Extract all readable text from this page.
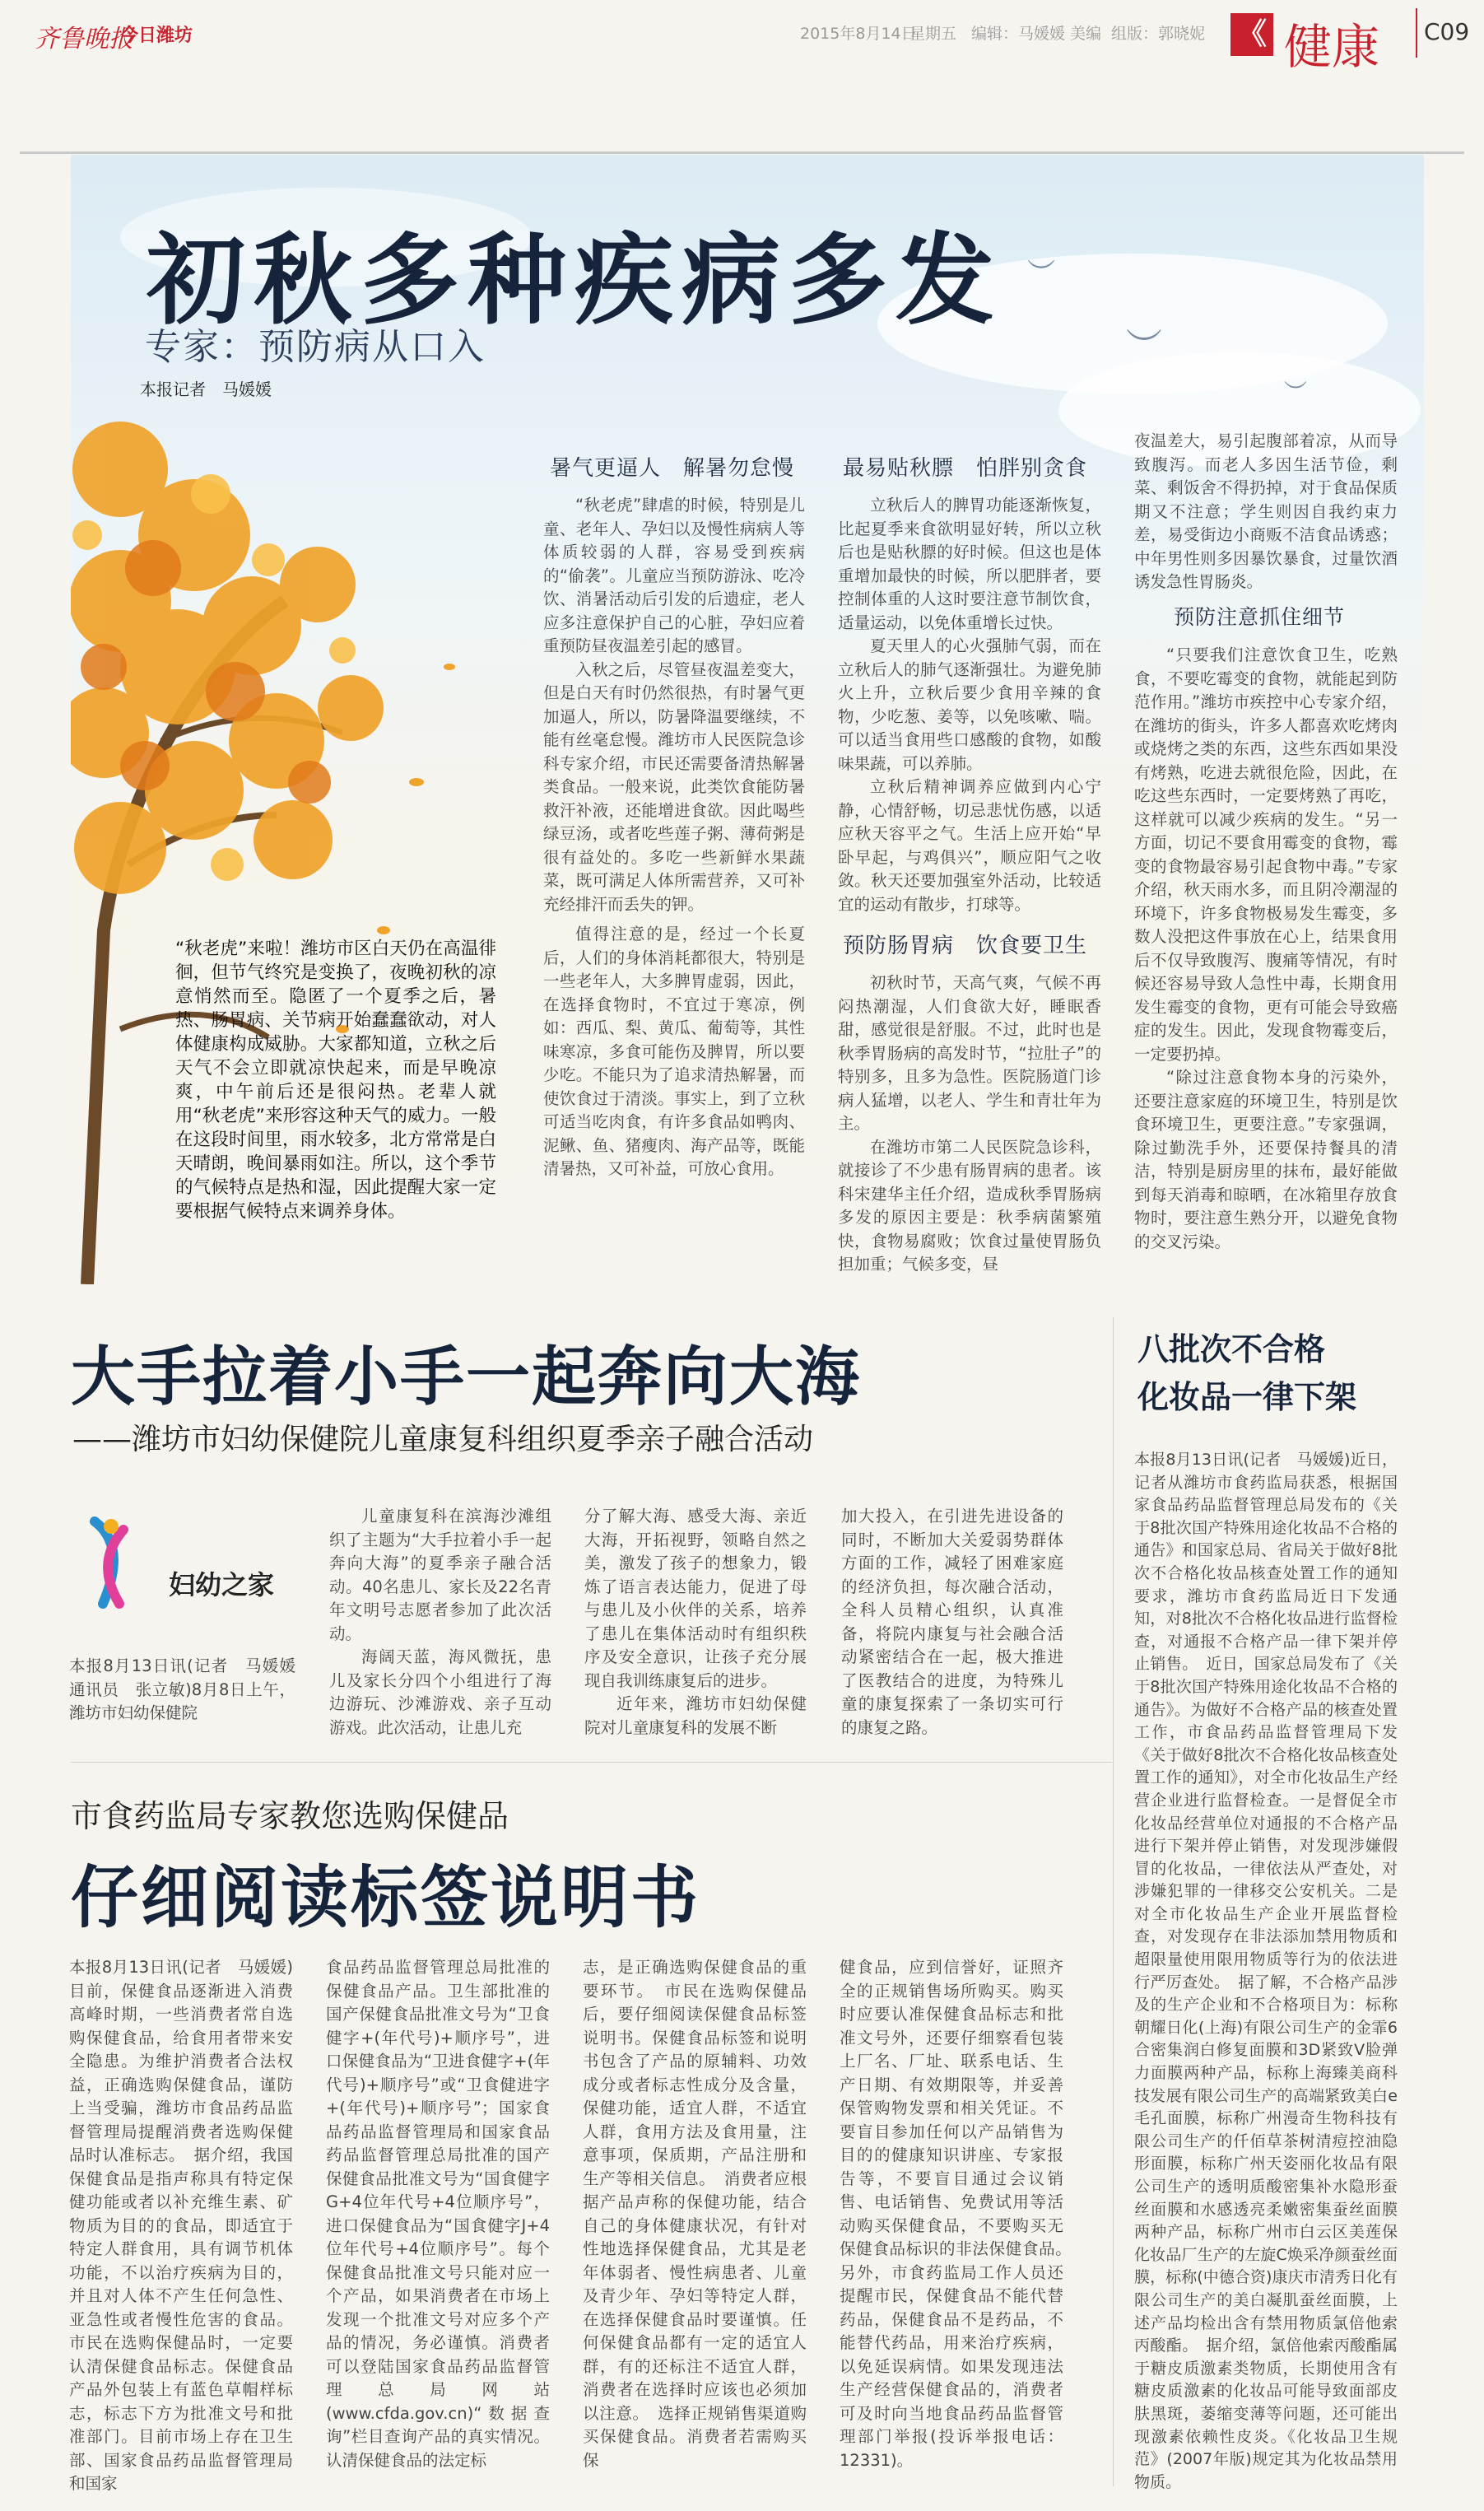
齐鲁晚报
今日潍坊	2015年8月14日
星期五 编辑：马媛媛 美编 组版：郭晓妮 《 健康 C09
︶
︶
︶
初秋多种疾病多发
专家：预防病从口入
本报记者　马媛媛
“秋老虎”来啦！潍坊市区白天仍在高温徘徊，但节气终究是变换了，夜晚初秋的凉意悄然而至。隐匿了一个夏季之后，暑热、肠胃病、关节病开始蠢蠢欲动，对人体健康构成威胁。大家都知道，立秋之后天气不会立即就凉快起来，而是早晚凉爽，中午前后还是很闷热。老辈人就用“秋老虎”来形容这种天气的威力。一般在这段时间里，雨水较多，北方常常是白天晴朗，晚间暴雨如注。所以，这个季节的气候特点是热和湿，因此提醒大家一定要根据气候特点来调养身体。
暑气更逼人　解暑勿怠慢

“秋老虎”肆虐的时候，特别是儿童、老年人、孕妇以及慢性病病人等体质较弱的人群，容易受到疾病的“偷袭”。儿童应当预防游泳、吃冷饮、消暑活动后引发的后遗症，老人应多注意保护自己的心脏，孕妇应着重预防昼夜温差引起的感冒。

入秋之后，尽管昼夜温差变大，但是白天有时仍然很热，有时暑气更加逼人，所以，防暑降温要继续，不能有丝毫怠慢。潍坊市人民医院急诊科专家介绍，市民还需要备清热解暑类食品。一般来说，此类饮食能防暑救汗补液，还能增进食欲。因此喝些绿豆汤，或者吃些莲子粥、薄荷粥是很有益处的。多吃一些新鲜水果蔬菜，既可满足人体所需营养，又可补充经排汗而丢失的钾。

值得注意的是，经过一个长夏后，人们的身体消耗都很大，特别是一些老年人，大多脾胃虚弱，因此，在选择食物时，不宜过于寒凉，例如：西瓜、梨、黄瓜、葡萄等，其性味寒凉，多食可能伤及脾胃，所以要少吃。不能只为了追求清热解暑，而使饮食过于清淡。事实上，到了立秋可适当吃肉食，有许多食品如鸭肉、泥鳅、鱼、猪瘦肉、海产品等，既能清暑热，又可补益，可放心食用。

最易贴秋膘　怕胖别贪食

立秋后人的脾胃功能逐渐恢复，比起夏季来食欲明显好转，所以立秋后也是贴秋膘的好时候。但这也是体重增加最快的时候，所以肥胖者，要控制体重的人这时要注意节制饮食，适量运动，以免体重增长过快。

夏天里人的心火强肺气弱，而在立秋后人的肺气逐渐强壮。为避免肺火上升，立秋后要少食用辛辣的食物，少吃葱、姜等，以免咳嗽、喘。可以适当食用些口感酸的食物，如酸味果蔬，可以养肺。

立秋后精神调养应做到内心宁静，心情舒畅，切忌悲忧伤感，以适应秋天容平之气。生活上应开始“早卧早起，与鸡俱兴”，顺应阳气之收敛。秋天还要加强室外活动，比较适宜的运动有散步，打球等。

预防肠胃病　饮食要卫生

初秋时节，天高气爽，气候不再闷热潮湿，人们食欲大好，睡眠香甜，感觉很是舒服。不过，此时也是秋季胃肠病的高发时节，“拉肚子”的特别多，且多为急性。医院肠道门诊病人猛增，以老人、学生和青壮年为主。

在潍坊市第二人民医院急诊科，就接诊了不少患有肠胃病的患者。该科宋建华主任介绍，造成秋季胃肠病多发的原因主要是：秋季病菌繁殖快，食物易腐败；饮食过量使胃肠负担加重；气候多变，昼

夜温差大，易引起腹部着凉，从而导致腹泻。而老人多因生活节俭，剩菜、剩饭舍不得扔掉，对于食品保质期又不注意；学生则因自我约束力差，易受街边小商贩不洁食品诱惑；中年男性则多因暴饮暴食，过量饮酒诱发急性胃肠炎。

预防注意抓住细节

“只要我们注意饮食卫生，吃熟食，不要吃霉变的食物，就能起到防范作用。”潍坊市疾控中心专家介绍，在潍坊的街头，许多人都喜欢吃烤肉或烧烤之类的东西，这些东西如果没有烤熟，吃进去就很危险，因此，在吃这些东西时，一定要烤熟了再吃，这样就可以减少疾病的发生。“另一方面，切记不要食用霉变的食物，霉变的食物最容易引起食物中毒。”专家介绍，秋天雨水多，而且阴冷潮湿的环境下，许多食物极易发生霉变，多数人没把这件事放在心上，结果食用后不仅导致腹泻、腹痛等情况，有时候还容易导致人急性中毒，长期食用发生霉变的食物，更有可能会导致癌症的发生。因此，发现食物霉变后，一定要扔掉。

“除过注意食物本身的污染外，还要注意家庭的环境卫生，特别是饮食环境卫生，更要注意。”专家强调，除过勤洗手外，还要保持餐具的清洁，特别是厨房里的抹布，最好能做到每天消毒和晾晒，在冰箱里存放食物时，要注意生熟分开，以避免食物的交叉污染。

大手拉着小手一起奔向大海
——潍坊市妇幼保健院儿童康复科组织夏季亲子融合活动
妇幼之家
本报8月13日讯(记者　马媛媛　通讯员　张立敏)8月8日上午，潍坊市妇幼保健院

儿童康复科在滨海沙滩组织了主题为“大手拉着小手一起奔向大海”的夏季亲子融合活动。40名患儿、家长及22名青年文明号志愿者参加了此次活动。

海阔天蓝，海风微抚，患儿及家长分四个小组进行了海边游玩、沙滩游戏、亲子互动游戏。此次活动，让患儿充

分了解大海、感受大海、亲近大海，开拓视野，领略自然之美，激发了孩子的想象力，锻炼了语言表达能力，促进了母与患儿及小伙伴的关系，培养了患儿在集体活动时有组织秩序及安全意识，让孩子充分展现自我训练康复后的进步。

近年来，潍坊市妇幼保健院对儿童康复科的发展不断

加大投入，在引进先进设备的同时，不断加大关爱弱势群体方面的工作，减轻了困难家庭的经济负担，每次融合活动，全科人员精心组织，认真准备，将院内康复与社会融合活动紧密结合在一起，极大推进了医教结合的进度，为特殊儿童的康复探索了一条切实可行的康复之路。

市食药监局专家教您选购保健品
仔细阅读标签说明书
本报8月13日讯(记者　马媛媛)目前，保健食品逐渐进入消费高峰时期，一些消费者常自选购保健食品，给食用者带来安全隐患。为维护消费者合法权益，正确选购保健食品，谨防上当受骗，潍坊市食品药品监督管理局提醒消费者选购保健品时认准标志。　据介绍，我国保健食品是指声称具有特定保健功能或者以补充维生素、矿物质为目的的食品，即适宜于特定人群食用，具有调节机体功能，不以治疗疾病为目的，并且对人体不产生任何急性、亚急性或者慢性危害的食品。市民在选购保健品时，一定要认清保健食品标志。保健食品产品外包装上有蓝色草帽样标志，标志下方为批准文号和批准部门。目前市场上存在卫生部、国家食品药品监督管理局和国家
食品药品监督管理总局批准的保健食品产品。卫生部批准的国产保健食品批准文号为“卫食健字+(年代号)+顺序号”，进口保健食品为“卫进食健字+(年代号)+顺序号”或“卫食健进字+(年代号)+顺序号”；国家食品药品监督管理局和国家食品药品监督管理总局批准的国产保健食品批准文号为“国食健字G+4位年代号+4位顺序号”，进口保健食品为“国食健字J+4位年代号+4位顺序号”。每个保健食品批准文号只能对应一个产品，如果消费者在市场上发现一个批准文号对应多个产品的情况，务必谨慎。消费者可以登陆国家食品药品监督管理总局网站(www.cfda.gov.cn)“数据查询”栏目查询产品的真实情况。认清保健食品的法定标
志，是正确选购保健食品的重要环节。　市民在选购保健品后，要仔细阅读保健食品标签说明书。保健食品标签和说明书包含了产品的原辅料、功效成分或者标志性成分及含量，保健功能，适宜人群，不适宜人群，食用方法及食用量，注意事项，保质期，产品注册和生产等相关信息。　消费者应根据产品声称的保健功能，结合自己的身体健康状况，有针对性地选择保健食品，尤其是老年体弱者、慢性病患者、儿童及青少年、孕妇等特定人群，在选择保健食品时要谨慎。任何保健食品都有一定的适宜人群，有的还标注不适宜人群，消费者在选择时应该也必须加以注意。　选择正规销售渠道购买保健食品。消费者若需购买保
健食品，应到信誉好，证照齐全的正规销售场所购买。购买时应要认准保健食品标志和批准文号外，还要仔细察看包装上厂名、厂址、联系电话、生产日期、有效期限等，并妥善保管购物发票和相关凭证。不要盲目参加任何以产品销售为目的的健康知识讲座、专家报告等，不要盲目通过会议销售、电话销售、免费试用等活动购买保健食品，不要购买无保健食品标识的非法保健食品。　另外，市食药监局工作人员还提醒市民，保健食品不能代替药品，保健食品不是药品，不能替代药品，用来治疗疾病，以免延误病情。如果发现违法生产经营保健食品的，消费者可及时向当地食品药品监督管理部门举报(投诉举报电话：12331)。
八批次不合格
化妆品一律下架
本报8月13日讯(记者　马媛媛)近日，记者从潍坊市食药监局获悉，根据国家食品药品监督管理总局发布的《关于8批次国产特殊用途化妆品不合格的通告》和国家总局、省局关于做好8批次不合格化妆品核查处置工作的通知要求，潍坊市食药监局近日下发通知，对8批次不合格化妆品进行监督检查，对通报不合格产品一律下架并停止销售。　近日，国家总局发布了《关于8批次国产特殊用途化妆品不合格的通告》。为做好不合格产品的核查处置工作，市食品药品监督管理局下发《关于做好8批次不合格化妆品核查处置工作的通知》，对全市化妆品生产经营企业进行监督检查。一是督促全市化妆品经营单位对通报的不合格产品进行下架并停止销售，对发现涉嫌假冒的化妆品，一律依法从严查处，对涉嫌犯罪的一律移交公安机关。二是对全市化妆品生产企业开展监督检查，对发现存在非法添加禁用物质和超限量使用限用物质等行为的依法进行严厉查处。　据了解，不合格产品涉及的生产企业和不合格项目为：标称朝耀日化(上海)有限公司生产的金霏6合密集润白修复面膜和3D紧致V脸弹力面膜两种产品，标称上海臻美商科技发展有限公司生产的高端紧致美白e毛孔面膜，标称广州漫奇生物科技有限公司生产的仟佰草茶树清痘控油隐形面膜，标称广州天姿丽化妆品有限公司生产的透明质酸密集补水隐形蚕丝面膜和水感透亮柔嫩密集蚕丝面膜两种产品，标称广州市白云区美莲保化妆品厂生产的左旋C焕采净颜蚕丝面膜，标称(中德合资)康庆市清秀日化有限公司生产的美白凝肌蚕丝面膜，上述产品均检出含有禁用物质氯倍他索丙酸酯。　据介绍，氯倍他索丙酸酯属于糖皮质激素类物质，长期使用含有糖皮质激素的化妆品可能导致面部皮肤黑斑，萎缩变薄等问题，还可能出现激素依赖性皮炎。《化妆品卫生规范》(2007年版)规定其为化妆品禁用物质。
